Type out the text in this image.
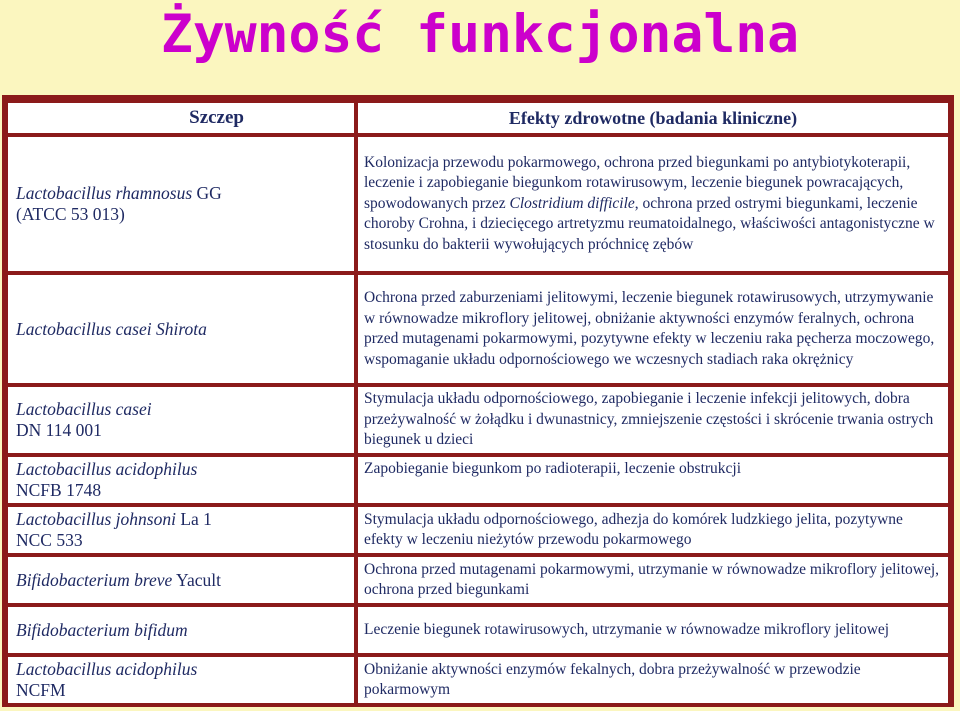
Żywność funkcjonalna
Szczep	Efekty zdrowotne (badania kliniczne)
Lactobacillus rhamnosus GG
(ATCC 53 013)	Kolonizacja przewodu pokarmowego, ochrona przed biegunkami po antybiotykoterapii, leczenie i zapobieganie biegunkom rotawirusowym, leczenie biegunek powracających, spowodowanych przez Clostridium difficile, ochrona przed ostrymi biegunkami, leczenie choroby Crohna, i dziecięcego artretyzmu reumatoidalnego, właściwości antagonistyczne w stosunku do bakterii wywołujących próchnicę zębów
Lactobacillus casei Shirota	Ochrona przed zaburzeniami jelitowymi, leczenie biegunek rotawirusowych, utrzymywanie w równowadze mikroflory jelitowej, obniżanie aktywności enzymów feralnych, ochrona przed mutagenami pokarmowymi, pozytywne efekty w leczeniu raka pęcherza moczowego, wspomaganie układu odpornościowego we wczesnych stadiach raka okrężnicy
Lactobacillus casei
DN 114 001	Stymulacja układu odpornościowego, zapobieganie i leczenie infekcji jelitowych, dobra przeżywalność w żołądku i dwunastnicy, zmniejszenie częstości i skrócenie trwania ostrych biegunek u dzieci
Lactobacillus acidophilus
NCFB 1748	Zapobieganie biegunkom po radioterapii, leczenie obstrukcji
Lactobacillus johnsoni La 1
NCC 533	Stymulacja układu odpornościowego, adhezja do komórek ludzkiego jelita, pozytywne efekty w leczeniu nieżytów przewodu pokarmowego
Bifidobacterium breve Yacult	Ochrona przed mutagenami pokarmowymi, utrzymanie w równowadze mikroflory jelitowej, ochrona przed biegunkami
Bifidobacterium bifidum	Leczenie biegunek rotawirusowych, utrzymanie w równowadze mikroflory jelitowej
Lactobacillus acidophilus
NCFM	Obniżanie aktywności enzymów fekalnych, dobra przeżywalność w przewodzie pokarmowym
